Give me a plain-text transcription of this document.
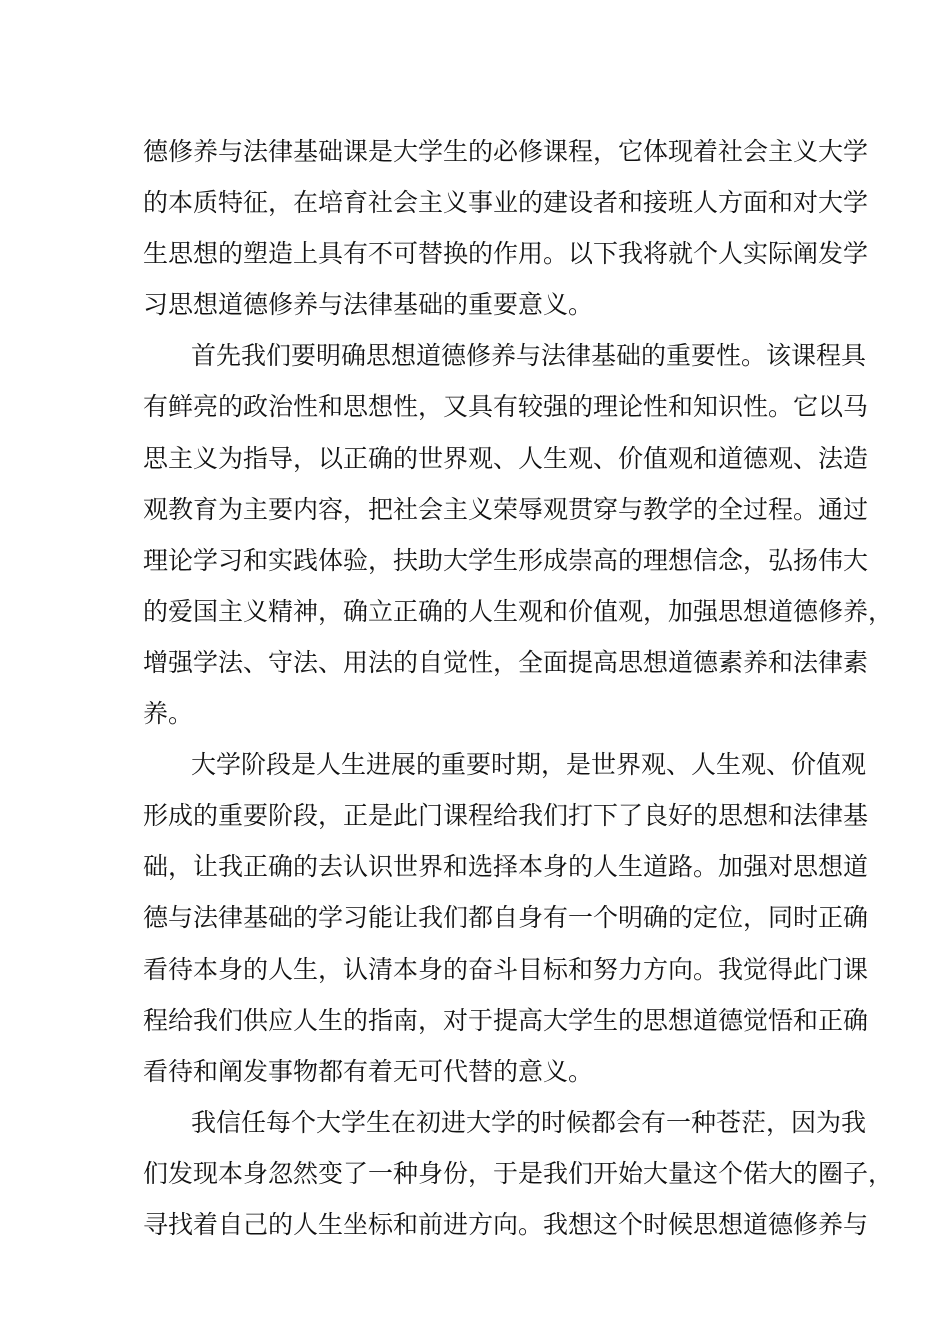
德修养与法律基础课是大学生的必修课程，它体现着社会主义大学
的本质特征，在培育社会主义事业的建设者和接班人方面和对大学
生思想的塑造上具有不可替换的作用。以下我将就个人实际阐发学
习思想道德修养与法律基础的重要意义。
首先我们要明确思想道德修养与法律基础的重要性。该课程具
有鲜亮的政治性和思想性，又具有较强的理论性和知识性。它以马
思主义为指导，以正确的世界观、人生观、价值观和道德观、法造
观教育为主要内容，把社会主义荣辱观贯穿与教学的全过程。通过
理论学习和实践体验，扶助大学生形成崇高的理想信念，弘扬伟大
的爱国主义精神，确立正确的人生观和价值观，加强思想道德修养，
增强学法、守法、用法的自觉性，全面提高思想道德素养和法律素
养。
大学阶段是人生进展的重要时期，是世界观、人生观、价值观
形成的重要阶段，正是此门课程给我们打下了良好的思想和法律基
础，让我正确的去认识世界和选择本身的人生道路。加强对思想道
德与法律基础的学习能让我们都自身有一个明确的定位，同时正确
看待本身的人生，认清本身的奋斗目标和努力方向。我觉得此门课
程给我们供应人生的指南，对于提高大学生的思想道德觉悟和正确
看待和阐发事物都有着无可代替的意义。
我信任每个大学生在初进大学的时候都会有一种苍茫，因为我
们发现本身忽然变了一种身份，于是我们开始大量这个偌大的圈子，
寻找着自己的人生坐标和前进方向。我想这个时候思想道德修养与
